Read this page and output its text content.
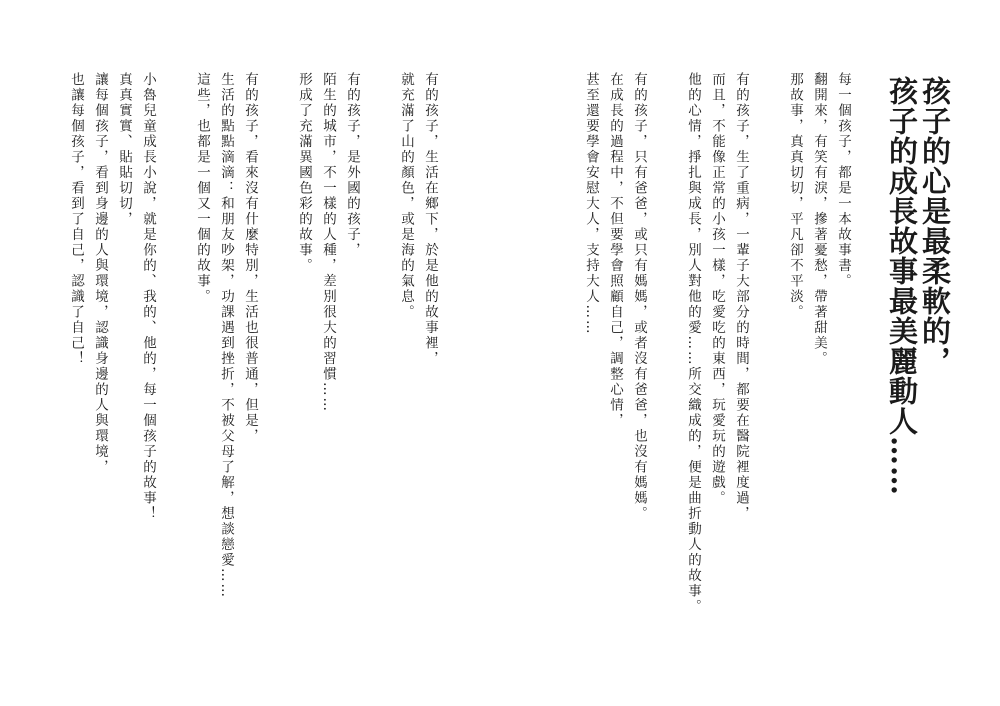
孩子的心是最柔軟的，
孩子的成長故事最美麗動人……
每一個孩子，都是一本故事書。
翻開來，有笑有淚，摻著憂愁，帶著甜美。
那故事，真真切切，平凡卻不平淡。
有的孩子，生了重病，一輩子大部分的時間，都要在醫院裡度過，
而且，不能像正常的小孩一樣，吃愛吃的東西，玩愛玩的遊戲。
他的心情，掙扎與成長，別人對他的愛……所交織成的，便是曲折動人的故事。
有的孩子，只有爸爸，或只有媽媽，或者沒有爸爸，也沒有媽媽。
在成長的過程中，不但要學會照顧自己，調整心情，
甚至還要學會安慰大人，支持大人……
有的孩子，生活在鄉下，於是他的故事裡，
就充滿了山的顏色，或是海的氣息。
有的孩子，是外國的孩子，
陌生的城市，不一樣的人種，差別很大的習慣……
形成了充滿異國色彩的故事。
有的孩子，看來沒有什麼特別，生活也很普通，但是，
生活的點點滴滴：和朋友吵架，功課遇到挫折，不被父母了解，想談戀愛……
這些，也都是一個又一個的故事。
小魯兒童成長小說，就是你的、我的、他的，每一個孩子的故事！
真真實實、貼貼切切，
讓每個孩子，看到身邊的人與環境，認識身邊的人與環境，
也讓每個孩子，看到了自己，認識了自己！
